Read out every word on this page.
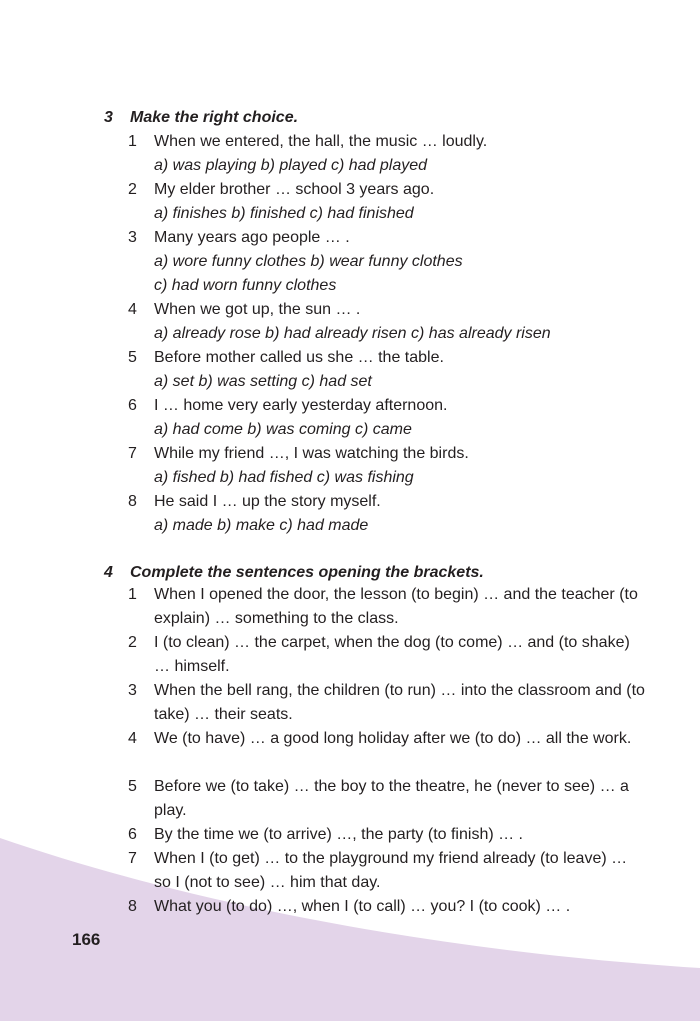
3 Make the right choice.
1 When we entered, the hall, the music … loudly.
a) was playing b) played c) had played
2 My elder brother … school 3 years ago.
a) finishes b) finished c) had finished
3 Many years ago people … .
a) wore funny clothes b) wear funny clothes
c) had worn funny clothes
4 When we got up, the sun … .
a) already rose b) had already risen c) has already risen
5 Before mother called us she … the table.
a) set b) was setting c) had set
6 I … home very early yesterday afternoon.
a) had come b) was coming c) came
7 While my friend …, I was watching the birds.
a) fished b) had fished c) was fishing
8 He said I … up the story myself.
a) made b) make c) had made
4 Complete the sentences opening the brackets.
1 When I opened the door, the lesson (to begin) … and the teacher (to explain) … something to the class.
2 I (to clean) … the carpet, when the dog (to come) … and (to shake) … himself.
3 When the bell rang, the children (to run) … into the classroom and (to take) … their seats.
4 We (to have) … a good long holiday after we (to do) … all the work.
5 Before we (to take) … the boy to the theatre, he (never to see) … a play.
6 By the time we (to arrive) …, the party (to finish) … .
7 When I (to get) … to the playground my friend already (to leave) … so I (not to see) … him that day.
8 What you (to do) …, when I (to call) … you? I (to cook) … .
166
